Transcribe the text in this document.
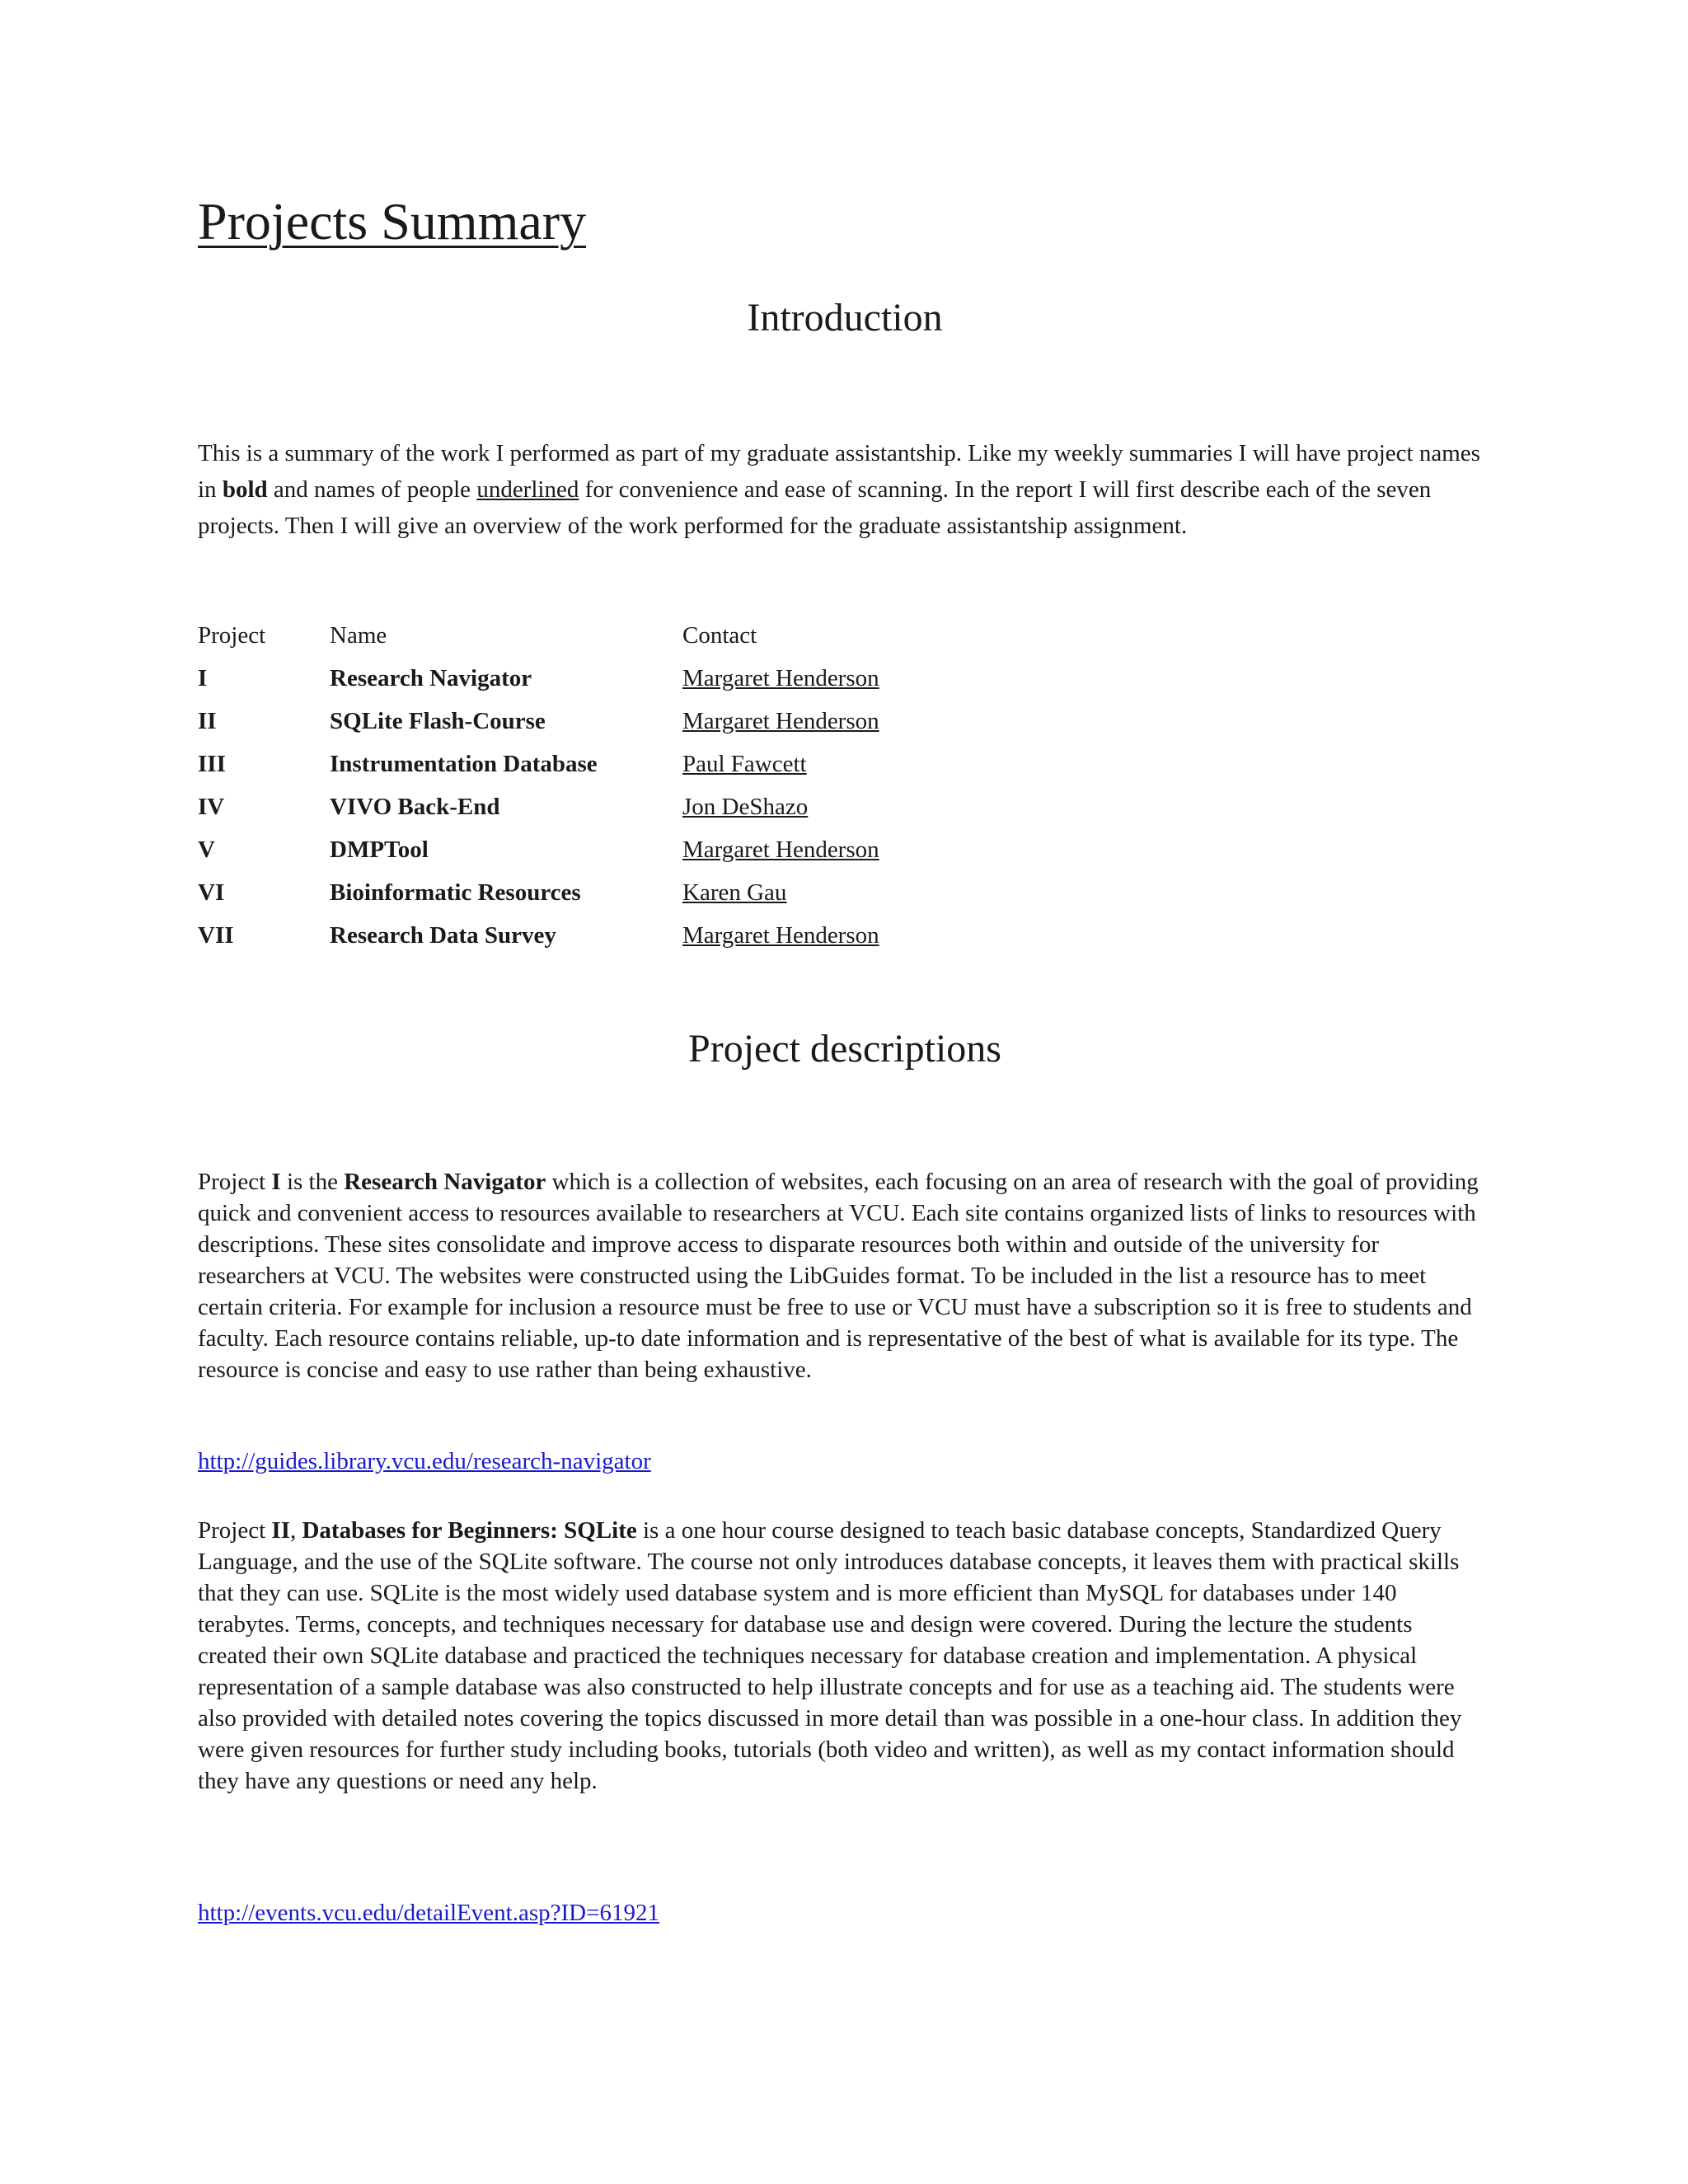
Projects Summary
Introduction

This is a summary of the work I performed as part of my graduate assistantship. Like my weekly summaries I will have project names in bold and names of people underlined for convenience and ease of scanning. In the report I will first describe each of the seven projects. Then I will give an overview of the work performed for the graduate assistantship assignment.

Project	Name	Contact
I	Research Navigator	Margaret Henderson
II	SQLite Flash-Course	Margaret Henderson
III	Instrumentation Database	Paul Fawcett
IV	VIVO Back-End	Jon DeShazo
V	DMPTool	Margaret Henderson
VI	Bioinformatic Resources	Karen Gau
VII	Research Data Survey	Margaret Henderson
Project descriptions

Project I is the Research Navigator which is a collection of websites, each focusing on an area of research with the goal of providing quick and convenient access to resources available to researchers at VCU. Each site contains organized lists of links to resources with descriptions. These sites consolidate and improve access to disparate resources both within and outside of the university for researchers at VCU. The websites were constructed using the LibGuides format. To be included in the list a resource has to meet certain criteria. For example for inclusion a resource must be free to use or VCU must have a subscription so it is free to students and faculty. Each resource contains reliable, up-to date information and is representative of the best of what is available for its type. The resource is concise and easy to use rather than being exhaustive.

http://guides.library.vcu.edu/research-navigator

Project II, Databases for Beginners: SQLite is a one hour course designed to teach basic database concepts, Standardized Query Language, and the use of the SQLite software. The course not only introduces database concepts, it leaves them with practical skills that they can use. SQLite is the most widely used database system and is more efficient than MySQL for databases under 140 terabytes. Terms, concepts, and techniques necessary for database use and design were covered. During the lecture the students created their own SQLite database and practiced the techniques necessary for database creation and implementation. A physical representation of a sample database was also constructed to help illustrate concepts and for use as a teaching aid. The students were also provided with detailed notes covering the topics discussed in more detail than was possible in a one-hour class. In addition they were given resources for further study including books, tutorials (both video and written), as well as my contact information should they have any questions or need any help.

http://events.vcu.edu/detailEvent.asp?ID=61921
